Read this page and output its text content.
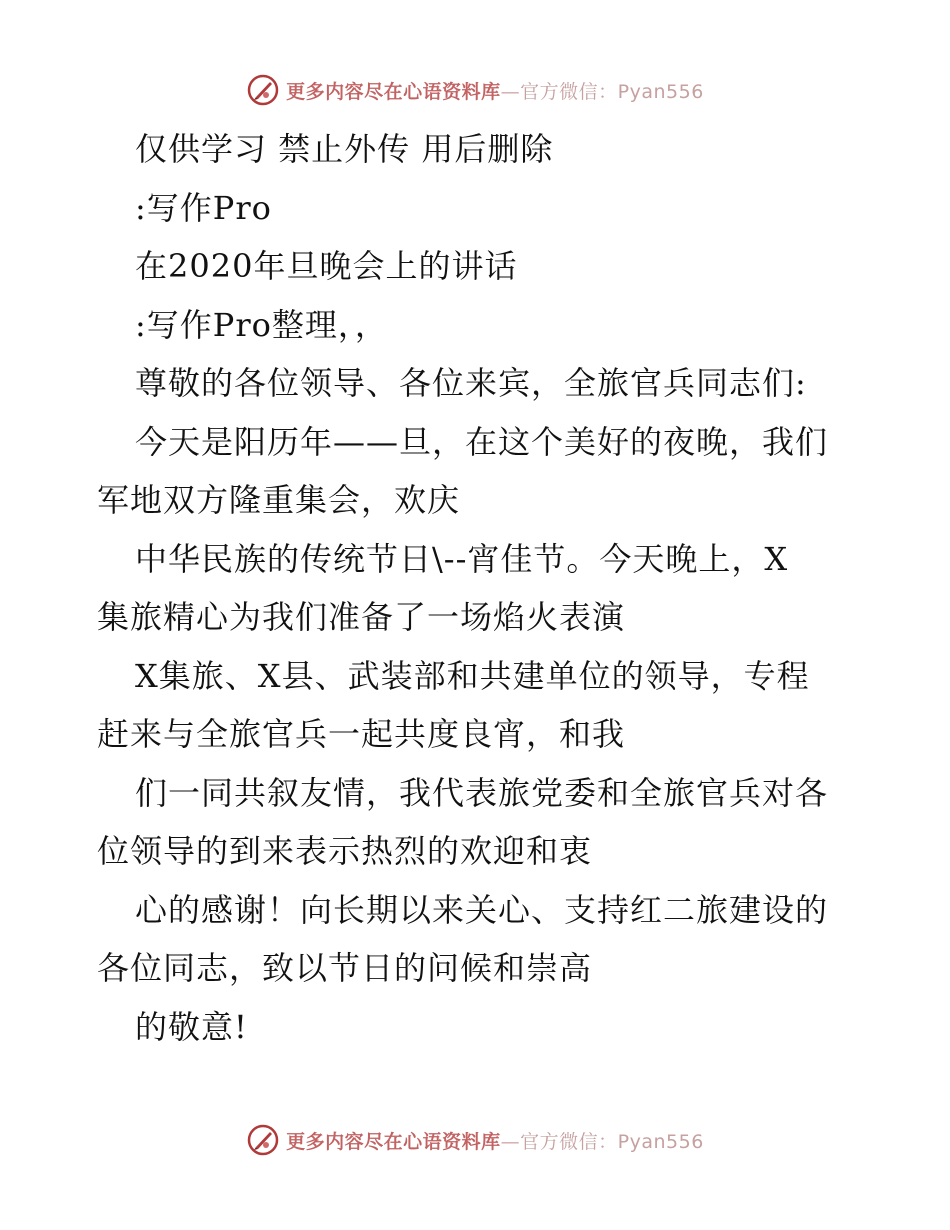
更多内容尽在心语资料库—官方微信：Pyan556
仅供学习 禁止外传 用后删除
:写作Pro
在2020年旦晚会上的讲话
:写作Pro整理，，
尊敬的各位领导、各位来宾，全旅官兵同志们:
今天是阳历年——旦，在这个美好的夜晚，我们
军地双方隆重集会，欢庆
中华民族的传统节日\--宵佳节。今天晚上，X
集旅精心为我们准备了一场焰火表演
X集旅、X县、武装部和共建单位的领导，专程
赶来与全旅官兵一起共度良宵，和我
们一同共叙友情，我代表旅党委和全旅官兵对各
位领导的到来表示热烈的欢迎和衷
心的感谢！向长期以来关心、支持红二旅建设的
各位同志，致以节日的问候和崇高
的敬意!
更多内容尽在心语资料库—官方微信：Pyan556
